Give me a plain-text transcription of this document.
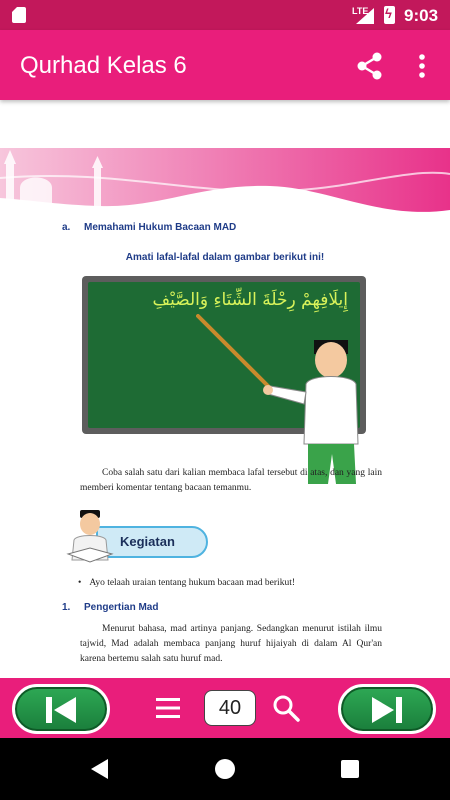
LTE
ϟ 9:03
Qurhad Kelas 6
a. Memahami Hukum Bacaan MAD
Amati lafal-lafal dalam gambar berikut ini!
إِيلَافِهِمْ رِحْلَةَ الشِّتَاءِ وَالصَّيْفِ
Coba salah satu dari kalian membaca lafal tersebut di atas, dan yang lain memberi komentar tentang bacaan temanmu.
Kegiatan
• Ayo telaah uraian tentang hukum bacaan mad berikut!
1. Pengertian Mad
Menurut bahasa, mad artinya panjang. Sedangkan menurut istilah ilmu tajwid, Mad adalah membaca panjang huruf hijaiyah di dalam Al Qur'an karena bertemu salah satu huruf mad.
40
